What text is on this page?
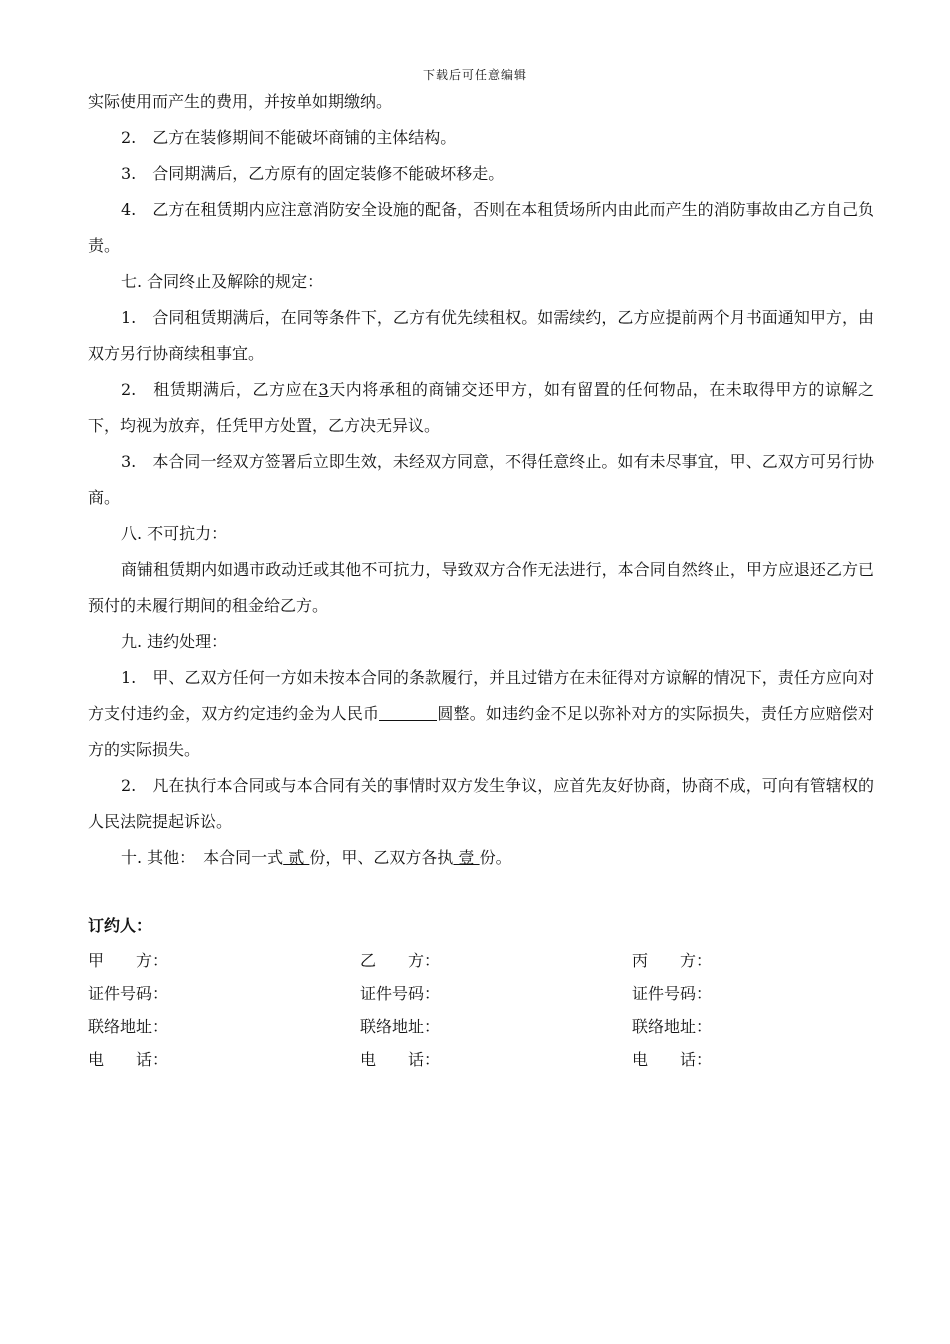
下载后可任意编辑

实际使用而产生的费用，并按单如期缴纳。

2.　乙方在装修期间不能破坏商铺的主体结构。

3.　合同期满后，乙方原有的固定装修不能破坏移走。

4.　乙方在租赁期内应注意消防安全设施的配备，否则在本租赁场所内由此而产生的消防事故由乙方自己负责。

七. 合同终止及解除的规定：

1.　合同租赁期满后，在同等条件下，乙方有优先续租权。如需续约，乙方应提前两个月书面通知甲方，由双方另行协商续租事宜。

2.　租赁期满后，乙方应在3天内将承租的商铺交还甲方，如有留置的任何物品，在未取得甲方的谅解之下，均视为放弃，任凭甲方处置，乙方决无异议。

3.　本合同一经双方签署后立即生效，未经双方同意，不得任意终止。如有未尽事宜，甲、乙双方可另行协商。

八. 不可抗力：

商铺租赁期内如遇市政动迁或其他不可抗力，导致双方合作无法进行，本合同自然终止，甲方应退还乙方已预付的未履行期间的租金给乙方。

九. 违约处理：

1.　甲、乙双方任何一方如未按本合同的条款履行，并且过错方在未征得对方谅解的情况下，责任方应向对方支付违约金，双方约定违约金为人民币	圆整。如违约金不足以弥补对方的实际损失，责任方应赔偿对方的实际损失。

2.　凡在执行本合同或与本合同有关的事情时双方发生争议，应首先友好协商，协商不成，可向有管辖权的人民法院提起诉讼。

十. 其他：　本合同一式 贰 份，甲、乙双方各执 壹 份。

订约人：

甲　　方：	乙　　方：	丙　　方：
证件号码：	证件号码：	证件号码：
联络地址：	联络地址：	联络地址：
电　　话：	电　　话：	电　　话：
